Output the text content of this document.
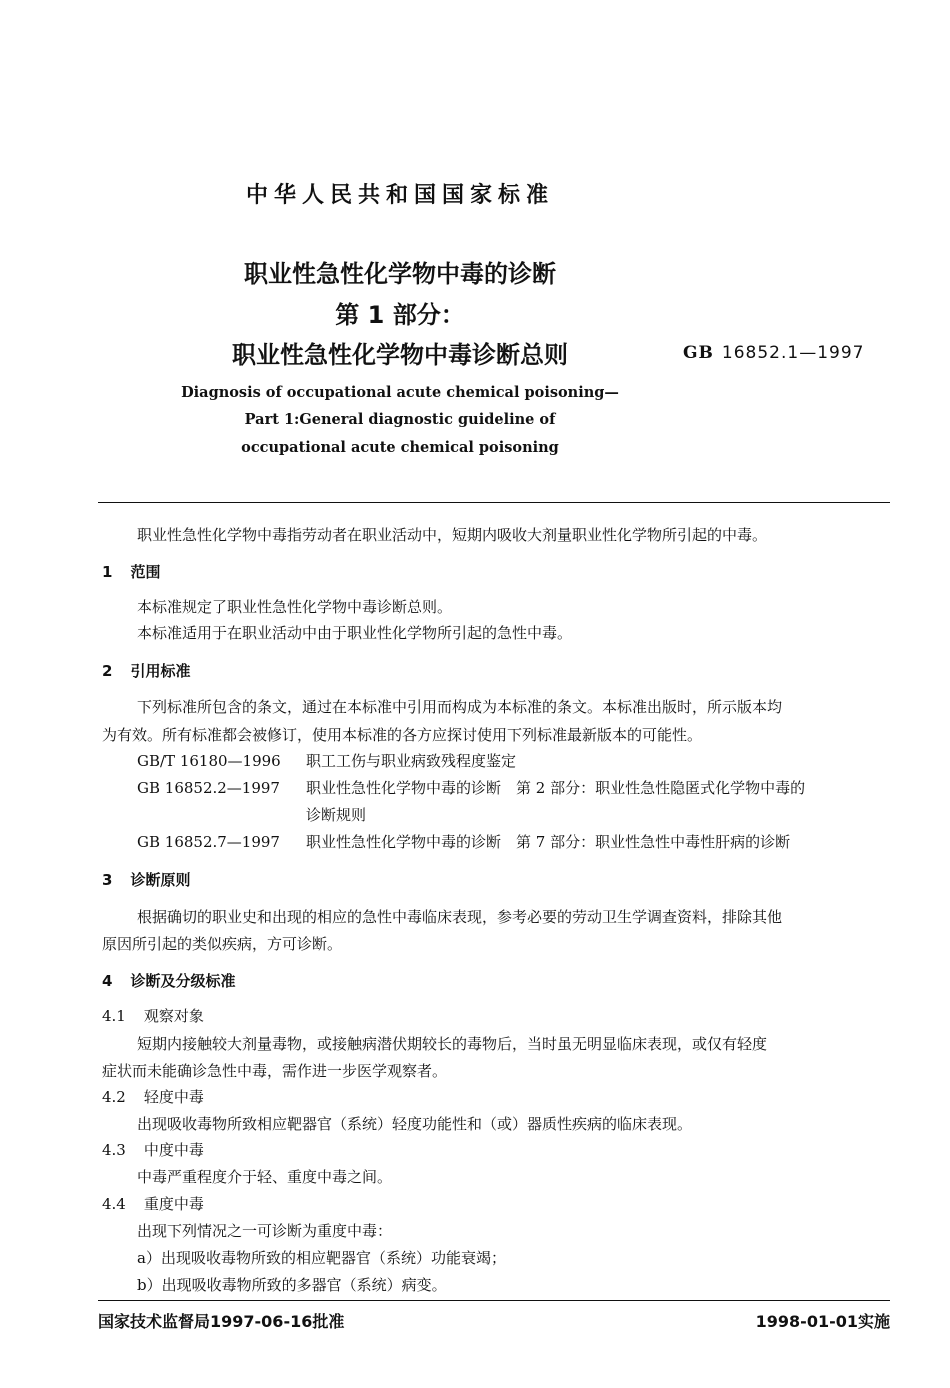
中华人民共和国国家标准
职业性急性化学物中毒的诊断
第 1 部分：
职业性急性化学物中毒诊断总则	GB 16852.1—1997
Diagnosis of occupational acute chemical poisoning—
Part 1:General diagnostic guideline of
occupational acute chemical poisoning
职业性急性化学物中毒指劳动者在职业活动中，短期内吸收大剂量职业性化学物所引起的中毒。
1 范围
本标准规定了职业性急性化学物中毒诊断总则。
本标准适用于在职业活动中由于职业性化学物所引起的急性中毒。
2 引用标准
下列标准所包含的条文，通过在本标准中引用而构成为本标准的条文。本标准出版时，所示版本均
为有效。所有标准都会被修订，使用本标准的各方应探讨使用下列标准最新版本的可能性。
GB/T 16180—1996 职工工伤与职业病致残程度鉴定
GB 16852.2—1997 职业性急性化学物中毒的诊断　第 2 部分：职业性急性隐匿式化学物中毒的
诊断规则
GB 16852.7—1997 职业性急性化学物中毒的诊断　第 7 部分：职业性急性中毒性肝病的诊断
3 诊断原则
根据确切的职业史和出现的相应的急性中毒临床表现，参考必要的劳动卫生学调查资料，排除其他
原因所引起的类似疾病，方可诊断。
4 诊断及分级标准
4.1 观察对象
短期内接触较大剂量毒物，或接触病潜伏期较长的毒物后，当时虽无明显临床表现，或仅有轻度
症状而未能确诊急性中毒，需作进一步医学观察者。
4.2 轻度中毒
出现吸收毒物所致相应靶器官（系统）轻度功能性和（或）器质性疾病的临床表现。
4.3 中度中毒
中毒严重程度介于轻、重度中毒之间。
4.4 重度中毒
出现下列情况之一可诊断为重度中毒：
a）出现吸收毒物所致的相应靶器官（系统）功能衰竭；
b）出现吸收毒物所致的多器官（系统）病变。
国家技术监督局1997-06-16批准	1998-01-01实施
